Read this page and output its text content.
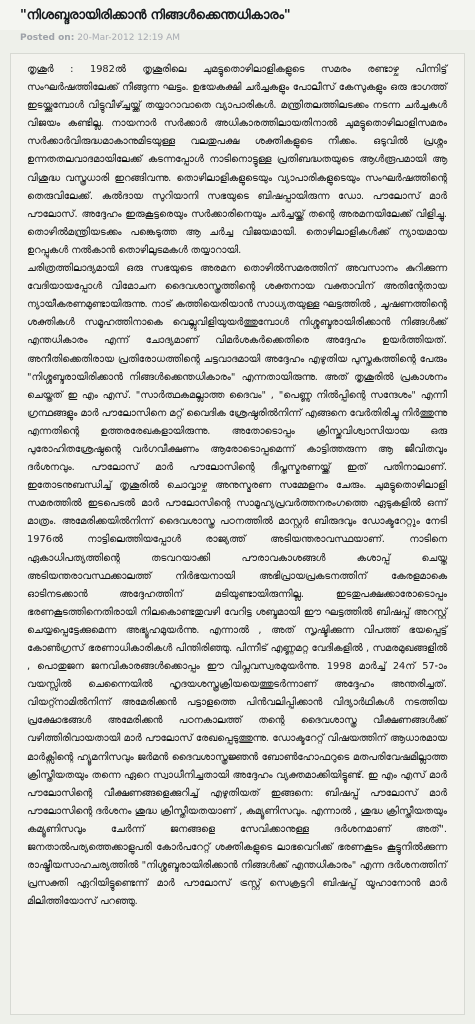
"നിശബ്ദരായിരിക്കാൻ നിങ്ങൾക്കെന്തധികാരം"
Posted on: 20-Mar-2012 12:19 AM

തൃശൂർ : 1982ൽ തൃശൂരിലെ ചുമട്ടുതൊഴിലാളികളുടെ സമരം രണ്ടാഴ്ച പിന്നിട്ട് സംഘർഷത്തിലേക്ക് നീങ്ങുന്ന ഘട്ടം. ഉഭയകക്ഷി ചർച്ചകളും പോലീസ് കേസുകളും ഒരു ഭാഗത്ത് ഇടയ്ക്കുമ്പോൾ വിട്ടുവീഴ്ച്ചയ്ക്ക് തയ്യാറാവാതെ വ്യാപാരികൾ. മന്ത്രിതലത്തിലടക്കം നടന്ന ചർച്ചകൾ വിജയം കണ്ടില്ല. നായനാർ സർക്കാർ അധികാരത്തിലായതിനാൽ ചുമട്ടുതൊഴിലാളിസമരം സർക്കാർവിരുദ്ധമാകാനുമിടയുള്ള വലതുപക്ഷ ശക്തികളുടെ നീക്കം. ഒടുവിൽ പ്രശ്നം ഉന്നതതലവാദമായിലേക്ക് കടന്നപ്പോൾ നാടിനൊട്ടുള്ള പ്രതിബദ്ധതയുടെ ആൾരൂപമായി ആ വിശുദ്ധ വസ്ത്രധാരി ഇറങ്ങിവന്നു. തൊഴിലാളികളുടെയും വ്യാപാരികളുടെയും സംഘർഷത്തിന്റെ തെരുവിലേക്ക്. കൽദായ സുറിയാനി സഭയുടെ ബിഷപ്പായിരുന്ന ഡോ. പൗലോസ് മാർ പൗലോസ്. അദ്ദേഹം ഇരുകൂട്ടരെയും സർക്കാരിനെയും ചർച്ചയ്ക്ക് തന്റെ അരമനയിലേക്ക് വിളിച്ചു. തൊഴിൽമന്ത്രിയടക്കം പങ്കെടുത്ത ആ ചർച്ച വിജയമായി. തൊഴിലാളികൾക്ക് ന്യായമായ ഉറപ്പുകൾ നൽകാൻ തൊഴിലുടമകൾ തയ്യാറായി.

ചരിത്രത്തിലാദ്യമായി ഒരു സഭയുടെ അരമന തൊഴിൽസമരത്തിന് അവസാനം കുറിക്കുന്ന വേദിയായപ്പോൾ വിമോചന ദൈവശാസ്ത്രത്തിന്റെ ശക്തനായ വക്താവിന് അതിന്റേതായ ന്യായീകരണമുണ്ടായിരുന്നു. നാട് കത്തിയെരിയാൻ സാധ്യതയുള്ള ഘട്ടത്തിൽ , ചൂഷണത്തിന്റെ ശക്തികൾ സമൂഹത്തിനാകെ വെല്ലുവിളിയുയർത്തുമ്പോൾ നിശ്ശബ്ദരായിരിക്കാൻ നിങ്ങൾക്ക് എന്തധികാരം എന്ന് ചോദ്യമാണ് വിമർശകർക്കെതിരെ അദ്ദേഹം ഉയർത്തിയത്. അനീതിക്കെതിരായ പ്രതിരോധത്തിന്റെ ചട്ടവാദമായി അദ്ദേഹം എഴുതിയ പുസ്തകത്തിന്റെ പേരും "നിശ്ശബ്ദരായിരിക്കാൻ നിങ്ങൾക്കെന്തധികാരം" എന്നതായിരുന്നു. അത് തൃശൂരിൽ പ്രകാശനം ചെയ്തത് ഇ എം എസ്. "സാർത്ഥകമല്ലാത്ത ദൈവം" , "പെണ്ണു നിൽപ്പിന്റെ സന്ദേശം" എന്നീ ഗ്രന്ഥങ്ങളും മാർ പൗലോസിനെ മറ്റ് വൈദിക ശ്രേഷ്ഠരിൽനിന്ന് എങ്ങനെ വേർതിരിച്ചു നിർത്തുന്നു എന്നതിന്റെ ഉത്തരരേഖകളായിരുന്നു. അതോടൊപ്പം ക്രിസ്തുവിശ്വാസിയായ ഒരു പുരോഹിതശ്രേഷ്ഠന്റെ വർഗവീക്ഷണം ആരോടൊപ്പമെന്ന് കാട്ടിത്തരുന്ന ആ ജീവിതവും ദർശനവും. പൗലോസ് മാർ പൗലോസിന്റെ ദീപ്തസ്മരണയ്ക്ക് ഇത് പതിനാലാണ്. ഇതോടനുബന്ധിച്ച് തൃശൂരിൽ ചൊവ്വാഴ്ച അനുസ്മരണ സമ്മേളനം ചേരും. ചുമട്ടുതൊഴിലാളി സമരത്തിൽ ഇടപെടൽ മാർ പൗലോസിന്റെ സാമൂഹ്യപ്രവർത്തനരംഗത്തെ ഏടുകളിൽ ഒന്ന് മാത്രം. അമേരിക്കയിൽനിന്ന് ദൈവശാസ്ത്ര പഠനത്തിൽ മാസ്റ്റർ ബിരുദവും ഡോക്ടറേറ്റും നേടി 1976ൽ നാട്ടിലെത്തിയപ്പോൾ രാജ്യത്ത് അടിയന്തരാവസ്ഥയാണ്. നാടിനെ ഏകാധിപത്യത്തിന്റെ തടവറയാക്കി പൗരാവകാശങ്ങൾ കശാപ്പ് ചെയ്ത അടിയന്തരാവസ്ഥക്കാലത്ത് നിർഭയനായി അഭിപ്രായപ്രകടനത്തിന് കേരളമാകെ ഓടിനടക്കാൻ അദ്ദേഹത്തിന് മടിയുണ്ടായിരുന്നില്ല. ഇടതുപക്ഷക്കാരോടൊപ്പം ഭരണകൂടത്തിനെതിരായി നിലകൊണ്ടതുവഴി വേറിട്ട ശബ്ദമായി ഈ ഘട്ടത്തിൽ ബിഷപ്പ് അറസ്റ്റ് ചെയ്യപ്പെട്ടേക്കുമെന്ന അഭ്യൂഹമുയർന്നു. എന്നാൽ , അത് സൃഷ്ടിക്കുന്ന വിപത്ത് ഭയപ്പെട്ട് കോൺഗ്രസ് ഭരണാധികാരികൾ പിന്തിരിഞ്ഞു. പിന്നീട് എണ്ണമറ്റ വേദികളിൽ , സമരമുഖങ്ങളിൽ , പൊതുജന ജനവികാരങ്ങൾക്കൊപ്പം ഈ വിപ്ലവസ്വരമുയർന്നു. 1998 മാർച്ച് 24ന് 57-ാം വയസ്സിൽ ചെന്നൈയിൽ ഹൃദയശസ്ത്രക്രിയയെത്തുടർന്നാണ് അദ്ദേഹം അന്തരിച്ചത്. വിയറ്റ്നാമിൽനിന്ന് അമേരിക്കൻ പട്ടാളത്തെ പിൻവലിപ്പിക്കാൻ വിദ്യാർഥികൾ നടത്തിയ പ്രക്ഷോഭങ്ങൾ അമേരിക്കൻ പഠനകാലത്ത് തന്റെ ദൈവശാസ്ത്ര വീക്ഷണങ്ങൾക്ക് വഴിത്തിരിവായതായി മാർ പൗലോസ് രേഖപ്പെടുത്തുന്നു. ഡോക്ടറേറ്റ് വിഷയത്തിന് ആധാരമായ മാർക്സിന്റെ ഹ്യൂമനിസവും ജർമൻ ദൈവശാസ്ത്രജ്ഞൻ ബോൺഹോഫറുടെ മതപരിവേഷമില്ലാത്ത ക്രിസ്തീയതയും തന്നെ ഏറെ സ്വാധീനിച്ചതായി അദ്ദേഹം വ്യക്തമാക്കിയിട്ടുണ്ട്. ഇ എം എസ് മാർ പൗലോസിന്റെ വീക്ഷണങ്ങളെക്കുറിച്ച് എഴുതിയത് ഇങ്ങനെ: ബിഷപ്പ് പൗലോസ് മാർ പൗലോസിന്റെ ദർശനം ശുദ്ധ ക്രിസ്തീയതയാണ് , കമ്യൂണിസവും. എന്നാൽ , ശുദ്ധ ക്രിസ്തീയതയും കമ്യൂണിസവും ചേർന്ന് ജനങ്ങളെ സേവിക്കാനുള്ള ദർശനമാണ് അത്". ജനതാൽപര്യത്തെക്കാളുപരി കോർപറേറ്റ് ശക്തികളുടെ ലാഭവെറിക്ക് ഭരണകൂടം കൂട്ടുനിൽക്കുന്ന രാഷ്ട്രീയസാഹചര്യത്തിൽ "നിശ്ശബ്ദരായിരിക്കാൻ നിങ്ങൾക്ക് എന്തധികാരം" എന്ന ദർശനത്തിന് പ്രസക്തി ഏറിയിട്ടുണ്ടെന്ന് മാർ പൗലോസ് ട്രസ്റ്റ് സെക്രട്ടറി ബിഷപ്പ് യൂഹാനോൻ മാർ മിലിത്തിയോസ് പറഞ്ഞു.
